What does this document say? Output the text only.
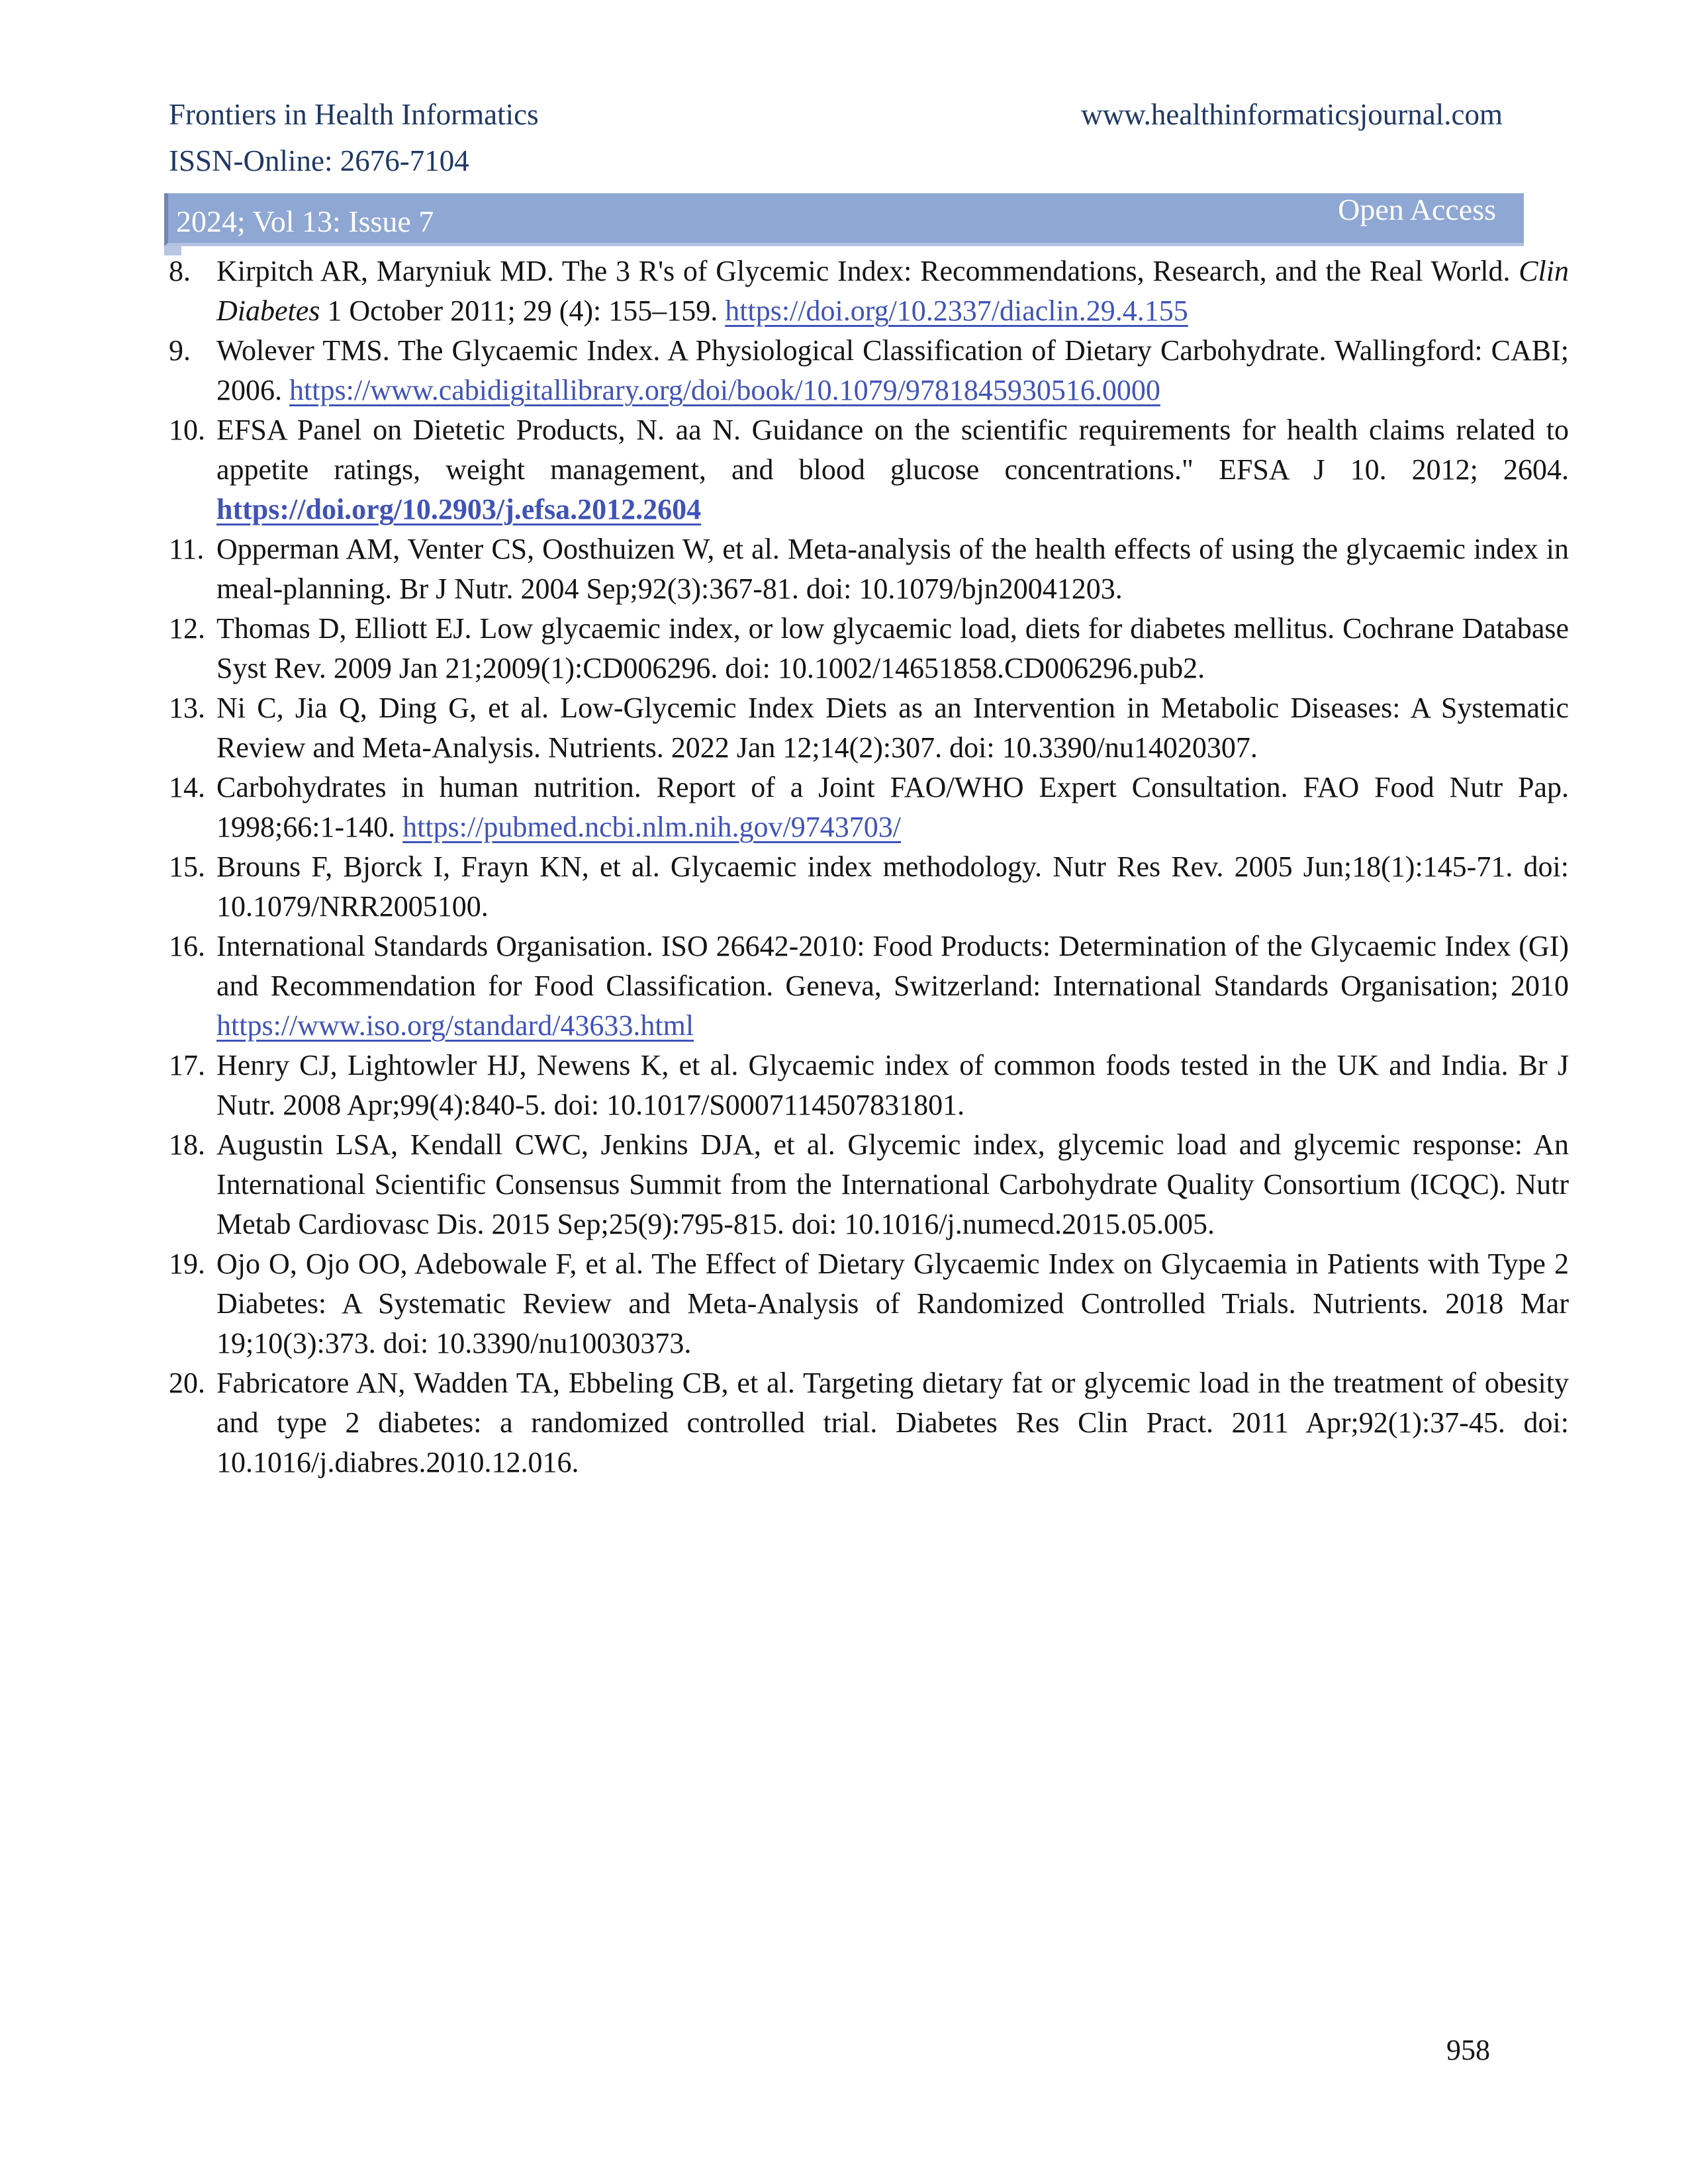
Frontiers in Health Informatics
ISSN-Online: 2676-7104
www.healthinformaticsjournal.com
2024; Vol 13: Issue 7	Open Access
8. Kirpitch AR, Maryniuk MD. The 3 R's of Glycemic Index: Recommendations, Research, and the Real World. Clin Diabetes 1 October 2011; 29 (4): 155–159. https://doi.org/10.2337/diaclin.29.4.155
9. Wolever TMS. The Glycaemic Index. A Physiological Classification of Dietary Carbohydrate. Wallingford: CABI; 2006. https://www.cabidigitallibrary.org/doi/book/10.1079/9781845930516.0000
10. EFSA Panel on Dietetic Products, N. aa N. Guidance on the scientific requirements for health claims related to appetite ratings, weight management, and blood glucose concentrations." EFSA J 10. 2012; 2604. https://doi.org/10.2903/j.efsa.2012.2604
11. Opperman AM, Venter CS, Oosthuizen W, et al. Meta-analysis of the health effects of using the glycaemic index in meal-planning. Br J Nutr. 2004 Sep;92(3):367-81. doi: 10.1079/bjn20041203.
12. Thomas D, Elliott EJ. Low glycaemic index, or low glycaemic load, diets for diabetes mellitus. Cochrane Database Syst Rev. 2009 Jan 21;2009(1):CD006296. doi: 10.1002/14651858.CD006296.pub2.
13. Ni C, Jia Q, Ding G, et al. Low-Glycemic Index Diets as an Intervention in Metabolic Diseases: A Systematic Review and Meta-Analysis. Nutrients. 2022 Jan 12;14(2):307. doi: 10.3390/nu14020307.
14. Carbohydrates in human nutrition. Report of a Joint FAO/WHO Expert Consultation. FAO Food Nutr Pap. 1998;66:1-140. https://pubmed.ncbi.nlm.nih.gov/9743703/
15. Brouns F, Bjorck I, Frayn KN, et al. Glycaemic index methodology. Nutr Res Rev. 2005 Jun;18(1):145-71. doi: 10.1079/NRR2005100.
16. International Standards Organisation. ISO 26642-2010: Food Products: Determination of the Glycaemic Index (GI) and Recommendation for Food Classification. Geneva, Switzerland: International Standards Organisation; 2010 https://www.iso.org/standard/43633.html
17. Henry CJ, Lightowler HJ, Newens K, et al. Glycaemic index of common foods tested in the UK and India. Br J Nutr. 2008 Apr;99(4):840-5. doi: 10.1017/S0007114507831801.
18. Augustin LSA, Kendall CWC, Jenkins DJA, et al. Glycemic index, glycemic load and glycemic response: An International Scientific Consensus Summit from the International Carbohydrate Quality Consortium (ICQC). Nutr Metab Cardiovasc Dis. 2015 Sep;25(9):795-815. doi: 10.1016/j.numecd.2015.05.005.
19. Ojo O, Ojo OO, Adebowale F, et al. The Effect of Dietary Glycaemic Index on Glycaemia in Patients with Type 2 Diabetes: A Systematic Review and Meta-Analysis of Randomized Controlled Trials. Nutrients. 2018 Mar 19;10(3):373. doi: 10.3390/nu10030373.
20. Fabricatore AN, Wadden TA, Ebbeling CB, et al. Targeting dietary fat or glycemic load in the treatment of obesity and type 2 diabetes: a randomized controlled trial. Diabetes Res Clin Pract. 2011 Apr;92(1):37-45. doi: 10.1016/j.diabres.2010.12.016.
958
